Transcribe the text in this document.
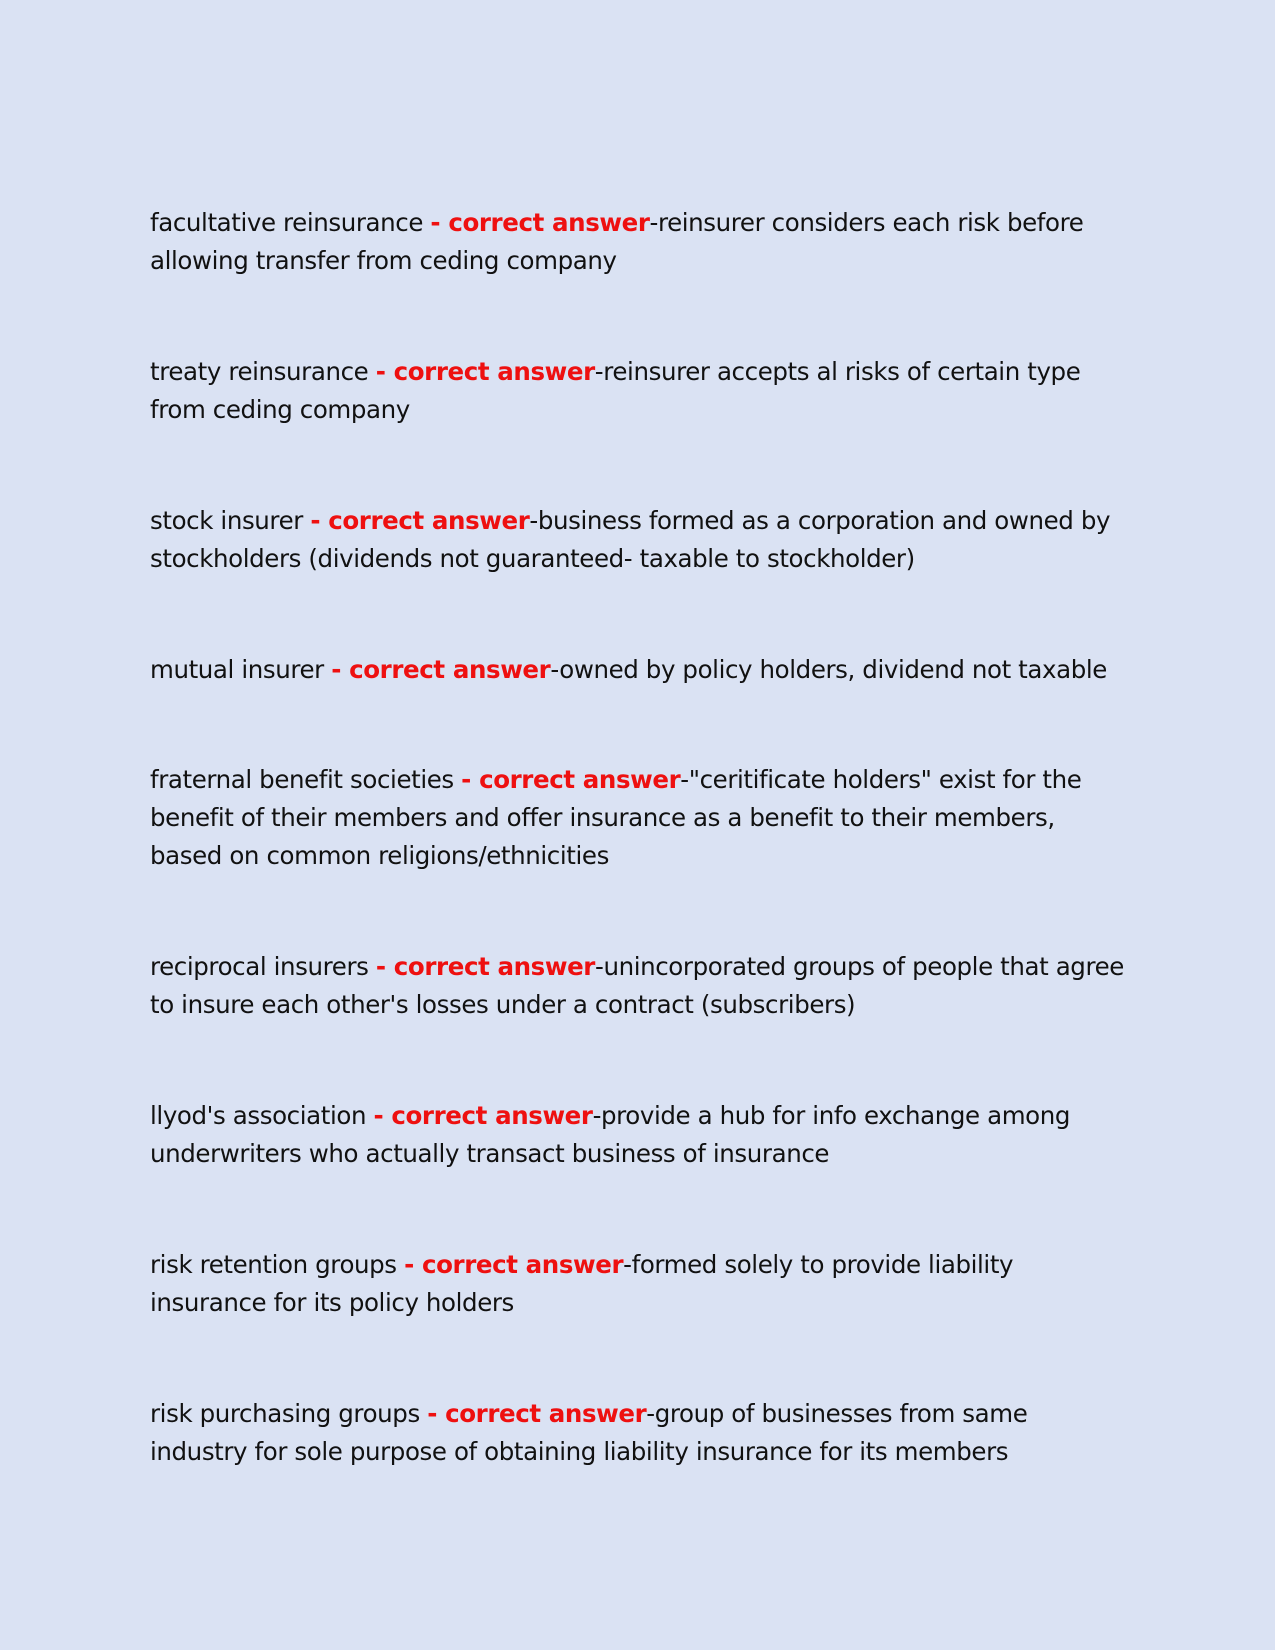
facultative reinsurance - correct answer-reinsurer considers each risk before allowing transfer from ceding company

treaty reinsurance - correct answer-reinsurer accepts al risks of certain type from ceding company

stock insurer - correct answer-business formed as a corporation and owned by stockholders (dividends not guaranteed- taxable to stockholder)

mutual insurer - correct answer-owned by policy holders, dividend not taxable

fraternal benefit societies - correct answer-"ceritificate holders" exist for the benefit of their members and offer insurance as a benefit to their members, based on common religions/ethnicities

reciprocal insurers - correct answer-unincorporated groups of people that agree to insure each other's losses under a contract (subscribers)

llyod's association - correct answer-provide a hub for info exchange among underwriters who actually transact business of insurance

risk retention groups - correct answer-formed solely to provide liability insurance for its policy holders

risk purchasing groups - correct answer-group of businesses from same industry for sole purpose of obtaining liability insurance for its members
